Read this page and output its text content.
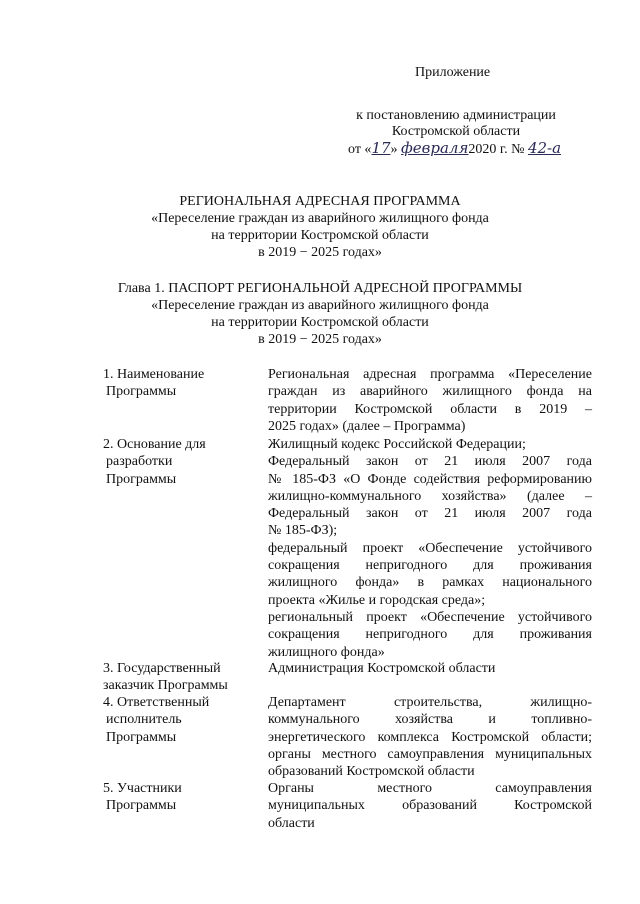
Приложение
к постановлению администрации
Костромской области
от «17» февраля2020 г. № 42-а
РЕГИОНАЛЬНАЯ АДРЕСНАЯ ПРОГРАММА
«Переселение граждан из аварийного жилищного фонда
на территории Костромской области
в 2019 − 2025 годах»
Глава 1. ПАСПОРТ РЕГИОНАЛЬНОЙ АДРЕСНОЙ ПРОГРАММЫ
«Переселение граждан из аварийного жилищного фонда
на территории Костромской области
в 2019 − 2025 годах»
1. Наименование
Программы
Региональная адресная программа «Переселение
граждан из аварийного жилищного фонда на
территории Костромской области в 2019 –
2025 годах» (далее – Программа)
2. Основание для
разработки
Программы
Жилищный кодекс Российской Федерации;
Федеральный закон от 21 июля 2007 года
№ 185-ФЗ «О Фонде содействия реформированию
жилищно-коммунального хозяйства» (далее –
Федеральный закон от 21 июля 2007 года
№ 185-ФЗ);
федеральный проект «Обеспечение устойчивого
сокращения непригодного для проживания
жилищного фонда» в рамках национального
проекта «Жилье и городская среда»;
региональный проект «Обеспечение устойчивого
сокращения непригодного для проживания
жилищного фонда»
3. Государственный
заказчик Программы
Администрация Костромской области
4. Ответственный
исполнитель
Программы
Департамент строительства, жилищно-
коммунального хозяйства и топливно-
энергетического комплекса Костромской области;
органы местного самоуправления муниципальных
образований Костромской области
5. Участники
Программы
Органы местного самоуправления
муниципальных образований Костромской
области
